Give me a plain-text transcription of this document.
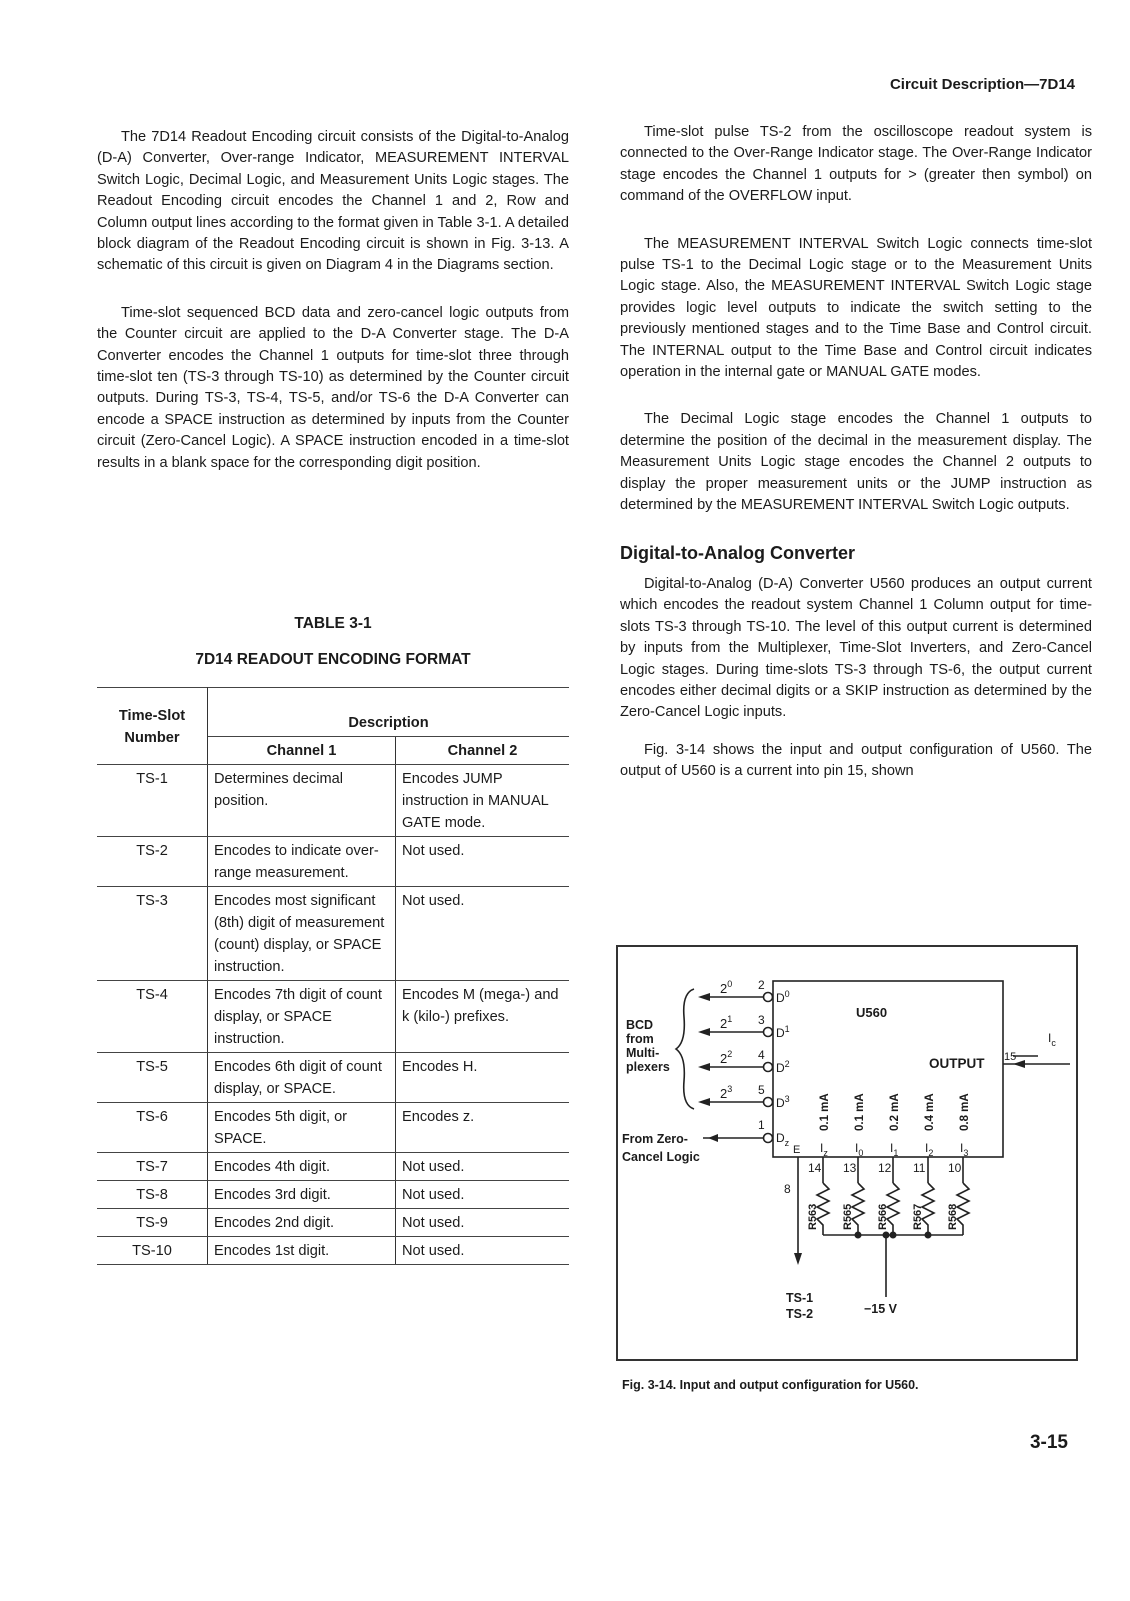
Circuit Description—7D14

The 7D14 Readout Encoding circuit consists of the Digital-to-Analog (D-A) Converter, Over-range Indicator, MEASUREMENT INTERVAL Switch Logic, Decimal Logic, and Measurement Units Logic stages. The Readout Encoding circuit encodes the Channel 1 and 2, Row and Column output lines according to the format given in Table 3-1. A detailed block diagram of the Readout Encoding circuit is shown in Fig. 3-13. A schematic of this circuit is given on Diagram 4 in the Diagrams section.

Time-slot sequenced BCD data and zero-cancel logic outputs from the Counter circuit are applied to the D-A Converter stage. The D-A Converter encodes the Channel 1 outputs for time-slot three through time-slot ten (TS-3 through TS-10) as determined by the Counter circuit outputs. During TS-3, TS-4, TS-5, and/or TS-6 the D-A Converter can encode a SPACE instruction as determined by inputs from the Counter circuit (Zero-Cancel Logic). A SPACE instruction encoded in a time-slot results in a blank space for the corresponding digit position.

TABLE 3-1
7D14 READOUT ENCODING FORMAT
Time-Slot Number	Description	
	Channel 1	Channel 2
TS-1	Determines decimal position.	Encodes JUMP instruction in MANUAL GATE mode.
TS-2	Encodes to indicate over-range measurement.	Not used.
TS-3	Encodes most significant (8th) digit of measurement (count) display, or SPACE instruction.	Not used.
TS-4	Encodes 7th digit of count display, or SPACE instruction.	Encodes M (mega-) and k (kilo-) prefixes.
TS-5	Encodes 6th digit of count display, or SPACE.	Encodes H.
TS-6	Encodes 5th digit, or SPACE.	Encodes z.
TS-7	Encodes 4th digit.	Not used.
TS-8	Encodes 3rd digit.	Not used.
TS-9	Encodes 2nd digit.	Not used.
TS-10	Encodes 1st digit.	Not used.

Time-slot pulse TS-2 from the oscilloscope readout system is connected to the Over-Range Indicator stage. The Over-Range Indicator stage encodes the Channel 1 outputs for > (greater then symbol) on command of the OVERFLOW input.

The MEASUREMENT INTERVAL Switch Logic connects time-slot pulse TS-1 to the Decimal Logic stage or to the Measurement Units Logic stage. Also, the MEASUREMENT INTERVAL Switch Logic stage provides logic level outputs to indicate the switch setting to the previously mentioned stages and to the Time Base and Control circuit. The INTERNAL output to the Time Base and Control circuit indicates operation in the internal gate or MANUAL GATE modes.

The Decimal Logic stage encodes the Channel 1 outputs to determine the position of the decimal in the measurement display. The Measurement Units Logic stage encodes the Channel 2 outputs to display the proper measurement units or the JUMP instruction as determined by the MEASUREMENT INTERVAL Switch Logic outputs.

Digital-to-Analog Converter

Digital-to-Analog (D-A) Converter U560 produces an output current which encodes the readout system Channel 1 Column output for time-slots TS-3 through TS-10. The level of this output current is determined by inputs from the Multiplexer, Time-Slot Inverters, and Zero-Cancel Logic stages. During time-slots TS-3 through TS-6, the output current encodes either decimal digits or a SKIP instruction as determined by the Zero-Cancel Logic inputs.

Fig. 3-14 shows the input and output configuration of U560. The output of U560 is a current into pin 15, shown

BCD
from
Multi-
plexers
From Zero-
Cancel Logic
U560
OUTPUT 15
$I_c$
$2^0$
$2^1$
$2^2$
$2^3$
2
3
4
5
1
$D^0$
$D^1$
$D^2$
$D^3$
$D_z$
E
8
0.1 mA 0.1 mA 0.2 mA 0.4 mA 0.8 mA
$I_z$ $I_0$ $I_1$ $I_2$ $I_3$
14 13 12 11 10
R563 R565 R566 R567 R568
TS-1
TS-2	−15 V
Fig. 3-14. Input and output configuration for U560.
3-15
